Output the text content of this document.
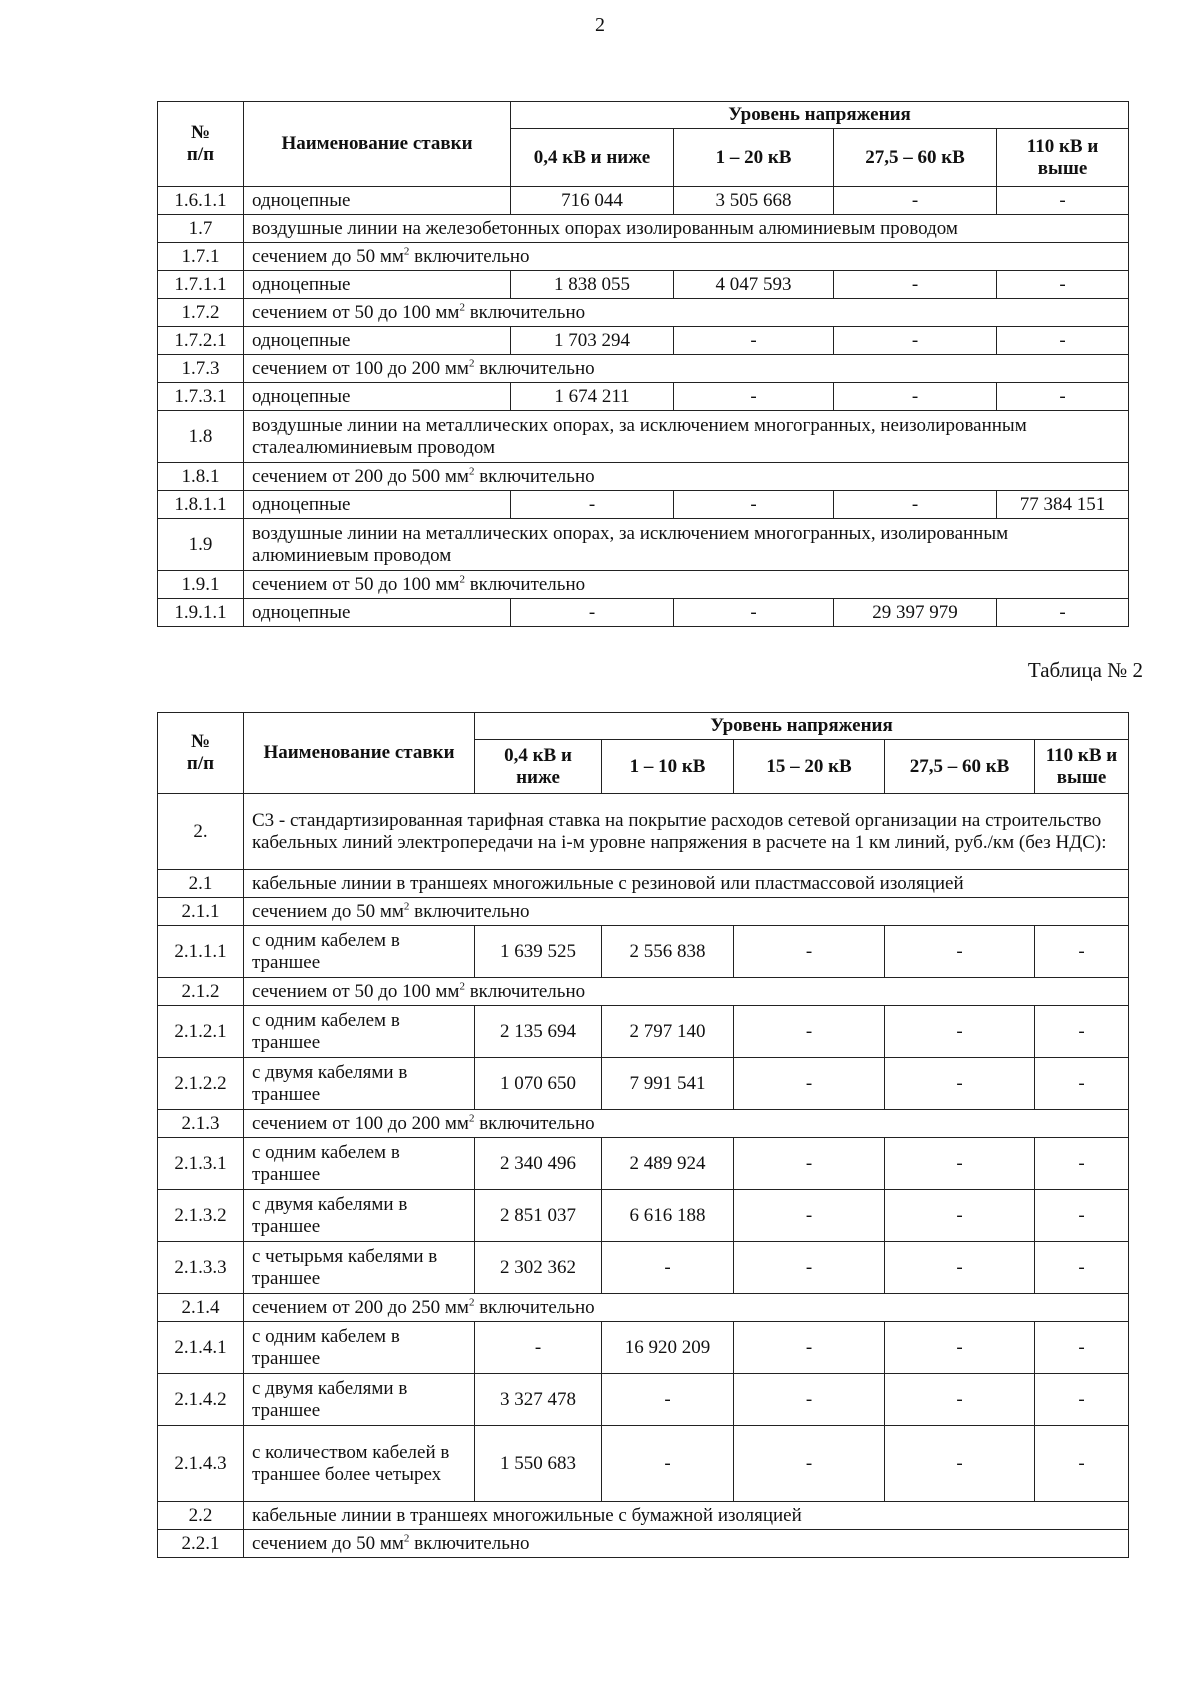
2
№
п/п	Наименование ставки	Уровень напряжения			
		0,4 кВ и ниже	1 – 20 кВ	27,5 – 60 кВ	110 кВ и выше
1.6.1.1	одноцепные	716 044	3 505 668	-	-
1.7	воздушные линии на железобетонных опорах изолированным алюминиевым проводом				
1.7.1	сечением до 50 $мм^2$ включительно				
1.7.1.1	одноцепные	1 838 055	4 047 593	-	-
1.7.2	сечением от 50 до 100 $мм^2$ включительно				
1.7.2.1	одноцепные	1 703 294	-	-	-
1.7.3	сечением от 100 до 200 $мм^2$ включительно				
1.7.3.1	одноцепные	1 674 211	-	-	-
1.8	воздушные линии на металлических опорах, за исключением многогранных, неизолированным сталеалюминиевым проводом				
1.8.1	сечением от 200 до 500 $мм^2$ включительно				
1.8.1.1	одноцепные	-	-	-	77 384 151
1.9	воздушные линии на металлических опорах, за исключением многогранных, изолированным алюминиевым проводом				
1.9.1	сечением от 50 до 100 $мм^2$ включительно				
1.9.1.1	одноцепные	-	-	29 397 979	-
Таблица № 2
№
п/п	Наименование ставки	Уровень напряжения				
		0,4 кВ и ниже	1 – 10 кВ	15 – 20 кВ	27,5 – 60 кВ	110 кВ и выше
2.	С3 - стандартизированная тарифная ставка на покрытие расходов сетевой организации на строительство кабельных линий электропередачи на i-м уровне напряжения в расчете на 1 км линий, руб./км (без НДС):					
2.1	кабельные линии в траншеях многожильные с резиновой или пластмассовой изоляцией					
2.1.1	сечением до 50 $мм^2$ включительно					
2.1.1.1	с одним кабелем в траншее	1 639 525	2 556 838	-	-	-
2.1.2	сечением от 50 до 100 $мм^2$ включительно					
2.1.2.1	с одним кабелем в траншее	2 135 694	2 797 140	-	-	-
2.1.2.2	с двумя кабелями в траншее	1 070 650	7 991 541	-	-	-
2.1.3	сечением от 100 до 200 $мм^2$ включительно					
2.1.3.1	с одним кабелем в траншее	2 340 496	2 489 924	-	-	-
2.1.3.2	с двумя кабелями в траншее	2 851 037	6 616 188	-	-	-
2.1.3.3	с четырьмя кабелями в траншее	2 302 362	-	-	-	-
2.1.4	сечением от 200 до 250 $мм^2$ включительно					
2.1.4.1	с одним кабелем в траншее	-	16 920 209	-	-	-
2.1.4.2	с двумя кабелями в траншее	3 327 478	-	-	-	-
2.1.4.3	с количеством кабелей в траншее более четырех	1 550 683	-	-	-	-
2.2	кабельные линии в траншеях многожильные с бумажной изоляцией					
2.2.1	сечением до 50 $мм^2$ включительно					
